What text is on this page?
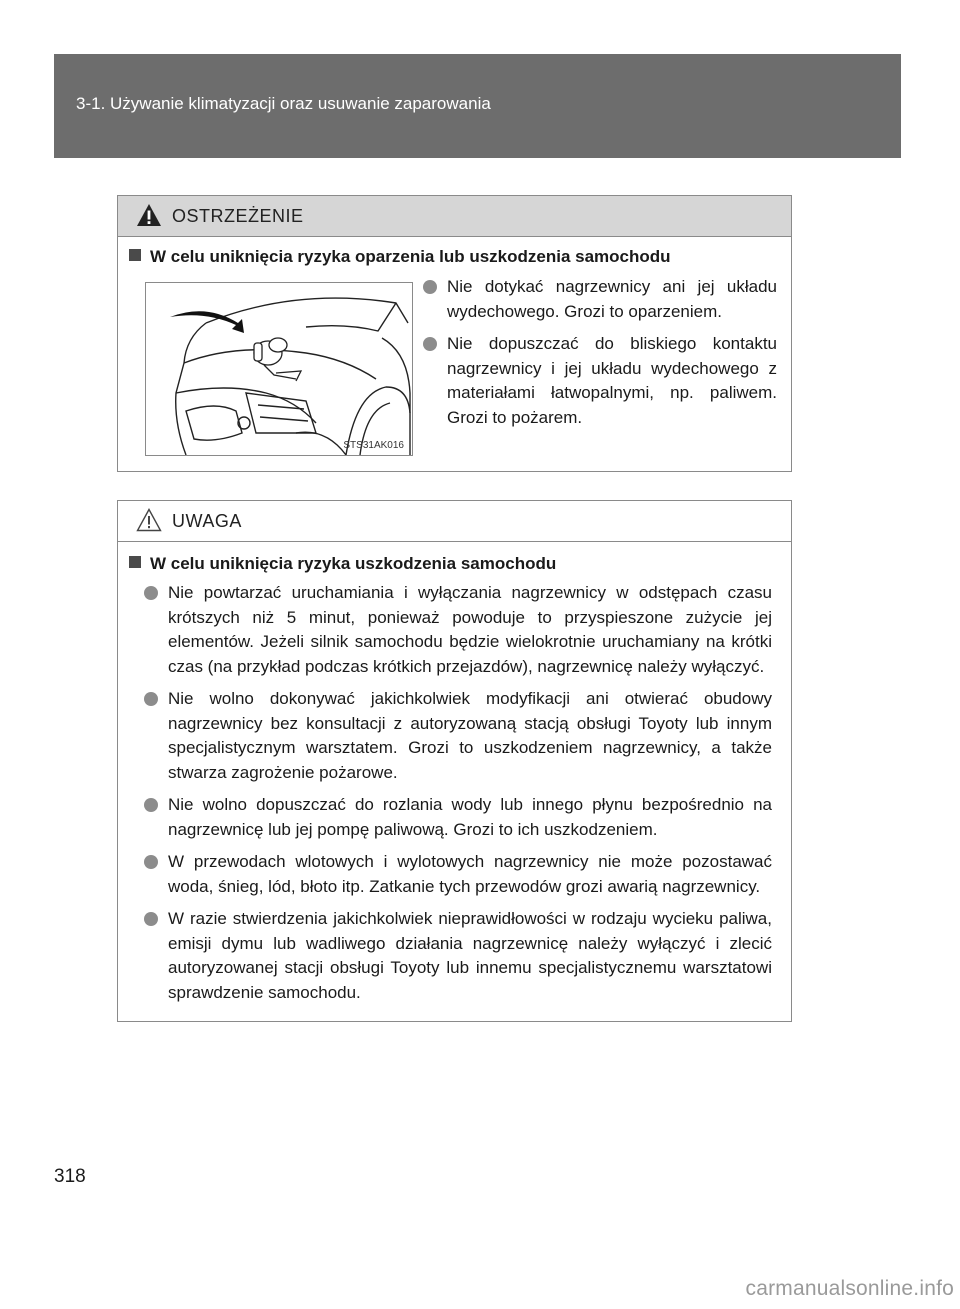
3-1. Używanie klimatyzacji oraz usuwanie zaparowania
OSTRZEŻENIE
W celu uniknięcia ryzyka oparzenia lub uszkodzenia samochodu
STS31AK016
Nie dotykać nagrzewnicy ani jej układu wydechowego. Grozi to oparzeniem.
Nie dopuszczać do bliskiego kontaktu nagrzewnicy i jej układu wydechowego z materiałami łatwopalnymi, np. paliwem. Grozi to pożarem.
UWAGA
W celu uniknięcia ryzyka uszkodzenia samochodu
Nie powtarzać uruchamiania i wyłączania nagrzewnicy w odstępach czasu krótszych niż 5 minut, ponieważ powoduje to przyspieszone zużycie jej elementów. Jeżeli silnik samochodu będzie wielokrotnie uruchamiany na krótki czas (na przykład podczas krótkich przejazdów), nagrzewnicę należy wyłączyć.
Nie wolno dokonywać jakichkolwiek modyfikacji ani otwierać obudowy nagrzewnicy bez konsultacji z autoryzowaną stacją obsługi Toyoty lub innym specjalistycznym warsztatem. Grozi to uszkodzeniem nagrzewnicy, a także stwarza zagrożenie pożarowe.
Nie wolno dopuszczać do rozlania wody lub innego płynu bezpośrednio na nagrzewnicę lub jej pompę paliwową. Grozi to ich uszkodzeniem.
W przewodach wlotowych i wylotowych nagrzewnicy nie może pozostawać woda, śnieg, lód, błoto itp. Zatkanie tych przewodów grozi awarią nagrzewnicy.
W razie stwierdzenia jakichkolwiek nieprawidłowości w rodzaju wycieku paliwa, emisji dymu lub wadliwego działania nagrzewnicę należy wyłączyć i zlecić autoryzowanej stacji obsługi Toyoty lub innemu specjalistycznemu warsztatowi sprawdzenie samochodu.
318
carmanualsonline.info
